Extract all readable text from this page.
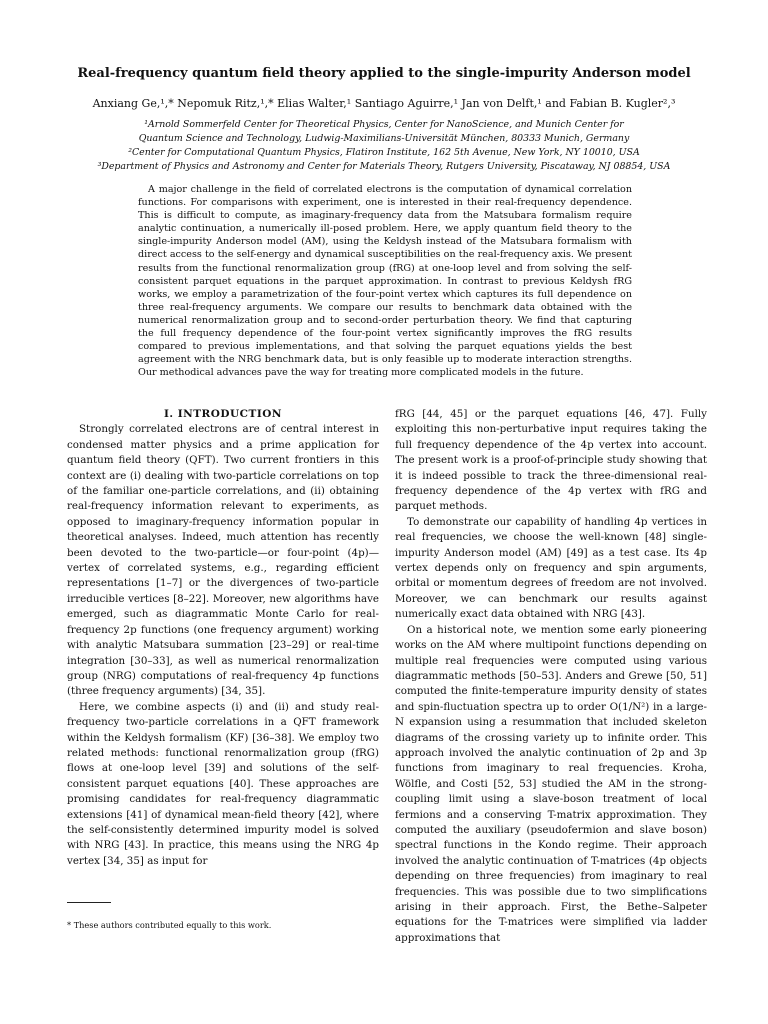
Real-frequency quantum field theory applied to the single-impurity Anderson model
Anxiang Ge,¹,* Nepomuk Ritz,¹,* Elias Walter,¹ Santiago Aguirre,¹ Jan von Delft,¹ and Fabian B. Kugler²,³
¹Arnold Sommerfeld Center for Theoretical Physics, Center for NanoScience, and Munich Center for
Quantum Science and Technology, Ludwig-Maximilians-Universität München, 80333 Munich, Germany
²Center for Computational Quantum Physics, Flatiron Institute, 162 5th Avenue, New York, NY 10010, USA
³Department of Physics and Astronomy and Center for Materials Theory, Rutgers University, Piscataway, NJ 08854, USA
A major challenge in the field of correlated electrons is the computation of dynamical correlation functions. For comparisons with experiment, one is interested in their real-frequency dependence. This is difficult to compute, as imaginary-frequency data from the Matsubara formalism require analytic continuation, a numerically ill-posed problem. Here, we apply quantum field theory to the single-impurity Anderson model (AM), using the Keldysh instead of the Matsubara formalism with direct access to the self-energy and dynamical susceptibilities on the real-frequency axis. We present results from the functional renormalization group (fRG) at one-loop level and from solving the self-consistent parquet equations in the parquet approximation. In contrast to previous Keldysh fRG works, we employ a parametrization of the four-point vertex which captures its full dependence on three real-frequency arguments. We compare our results to benchmark data obtained with the numerical renormalization group and to second-order perturbation theory. We find that capturing the full frequency dependence of the four-point vertex significantly improves the fRG results compared to previous implementations, and that solving the parquet equations yields the best agreement with the NRG benchmark data, but is only feasible up to moderate interaction strengths. Our methodical advances pave the way for treating more complicated models in the future.

I. INTRODUCTION

Strongly correlated electrons are of central interest in condensed matter physics and a prime application for quantum field theory (QFT). Two current frontiers in this context are (i) dealing with two-particle correlations on top of the familiar one-particle correlations, and (ii) obtaining real-frequency information relevant to experiments, as opposed to imaginary-frequency information popular in theoretical analyses. Indeed, much attention has recently been devoted to the two-particle—or four-point (4p)—vertex of correlated systems, e.g., regarding efficient representations [1–7] or the divergences of two-particle irreducible vertices [8–22]. Moreover, new algorithms have emerged, such as diagrammatic Monte Carlo for real-frequency 2p functions (one frequency argument) working with analytic Matsubara summation [23–29] or real-time integration [30–33], as well as numerical renormalization group (NRG) computations of real-frequency 4p functions (three frequency arguments) [34, 35].

Here, we combine aspects (i) and (ii) and study real-frequency two-particle correlations in a QFT framework within the Keldysh formalism (KF) [36–38]. We employ two related methods: functional renormalization group (fRG) flows at one-loop level [39] and solutions of the self-consistent parquet equations [40]. These approaches are promising candidates for real-frequency diagrammatic extensions [41] of dynamical mean-field theory [42], where the self-consistently determined impurity model is solved with NRG [43]. In practice, this means using the NRG 4p vertex [34, 35] as input for

fRG [44, 45] or the parquet equations [46, 47]. Fully exploiting this non-perturbative input requires taking the full frequency dependence of the 4p vertex into account. The present work is a proof-of-principle study showing that it is indeed possible to track the three-dimensional real-frequency dependence of the 4p vertex with fRG and parquet methods.

To demonstrate our capability of handling 4p vertices in real frequencies, we choose the well-known [48] single-impurity Anderson model (AM) [49] as a test case. Its 4p vertex depends only on frequency and spin arguments, orbital or momentum degrees of freedom are not involved. Moreover, we can benchmark our results against numerically exact data obtained with NRG [43].

On a historical note, we mention some early pioneering works on the AM where multipoint functions depending on multiple real frequencies were computed using various diagrammatic methods [50–53]. Anders and Grewe [50, 51] computed the finite-temperature impurity density of states and spin-fluctuation spectra up to order O(1/N²) in a large-N expansion using a resummation that included skeleton diagrams of the crossing variety up to infinite order. This approach involved the analytic continuation of 2p and 3p functions from imaginary to real frequencies. Kroha, Wölfle, and Costi [52, 53] studied the AM in the strong-coupling limit using a slave-boson treatment of local fermions and a conserving T-matrix approximation. They computed the auxiliary (pseudofermion and slave boson) spectral functions in the Kondo regime. Their approach involved the analytic continuation of T-matrices (4p objects depending on three frequencies) from imaginary to real frequencies. This was possible due to two simplifications arising in their approach. First, the Bethe–Salpeter equations for the T-matrices were simplified via ladder approximations that

* These authors contributed equally to this work.
